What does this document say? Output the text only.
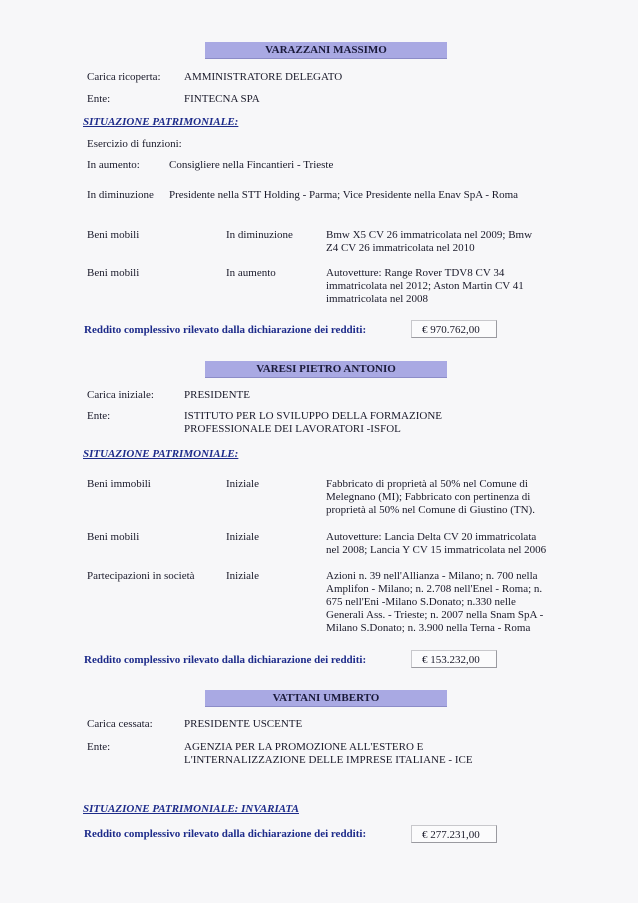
VARAZZANI MASSIMO
Carica ricoperta: AMMINISTRATORE DELEGATO
Ente:	FINTECNA SPA
SITUAZIONE PATRIMONIALE:
Esercizio di funzioni:
In aumento:	Consigliere nella Fincantieri - Trieste
In diminuzione Presidente nella STT Holding - Parma; Vice Presidente nella Enav SpA - Roma
Beni mobili	In diminuzione	Bmw X5 CV 26 immatricolata nel 2009; Bmw
Z4 CV 26 immatricolata nel 2010
Beni mobili	In aumento	Autovetture: Range Rover TDV8 CV 34
immatricolata nel 2012; Aston Martin CV 41
immatricolata nel 2008
Reddito complessivo rilevato dalla dichiarazione dei redditi:	€ 970.762,00
VARESI PIETRO ANTONIO
Carica iniziale:	PRESIDENTE
Ente:	ISTITUTO PER LO SVILUPPO DELLA FORMAZIONE
PROFESSIONALE DEI LAVORATORI -ISFOL
SITUAZIONE PATRIMONIALE:
Beni immobili	Iniziale	Fabbricato di proprietà al 50% nel Comune di
Melegnano (MI); Fabbricato con pertinenza di
proprietà al 50% nel Comune di Giustino (TN).
Beni mobili	Iniziale	Autovetture: Lancia Delta CV 20 immatricolata
nel 2008; Lancia Y CV 15 immatricolata nel 2006
Partecipazioni in società	Iniziale	Azioni n. 39 nell'Allianza - Milano; n. 700 nella
Amplifon - Milano; n. 2.708 nell'Enel - Roma; n.
675 nell'Eni -Milano S.Donato; n.330 nelle
Generali Ass. - Trieste; n. 2007 nella Snam SpA -
Milano S.Donato; n. 3.900 nella Terna - Roma
Reddito complessivo rilevato dalla dichiarazione dei redditi:	€ 153.232,00
VATTANI UMBERTO
Carica cessata:	PRESIDENTE USCENTE
Ente:	AGENZIA PER LA PROMOZIONE ALL'ESTERO E
L'INTERNALIZZAZIONE DELLE IMPRESE ITALIANE - ICE
SITUAZIONE PATRIMONIALE: INVARIATA
Reddito complessivo rilevato dalla dichiarazione dei redditi:	€ 277.231,00
